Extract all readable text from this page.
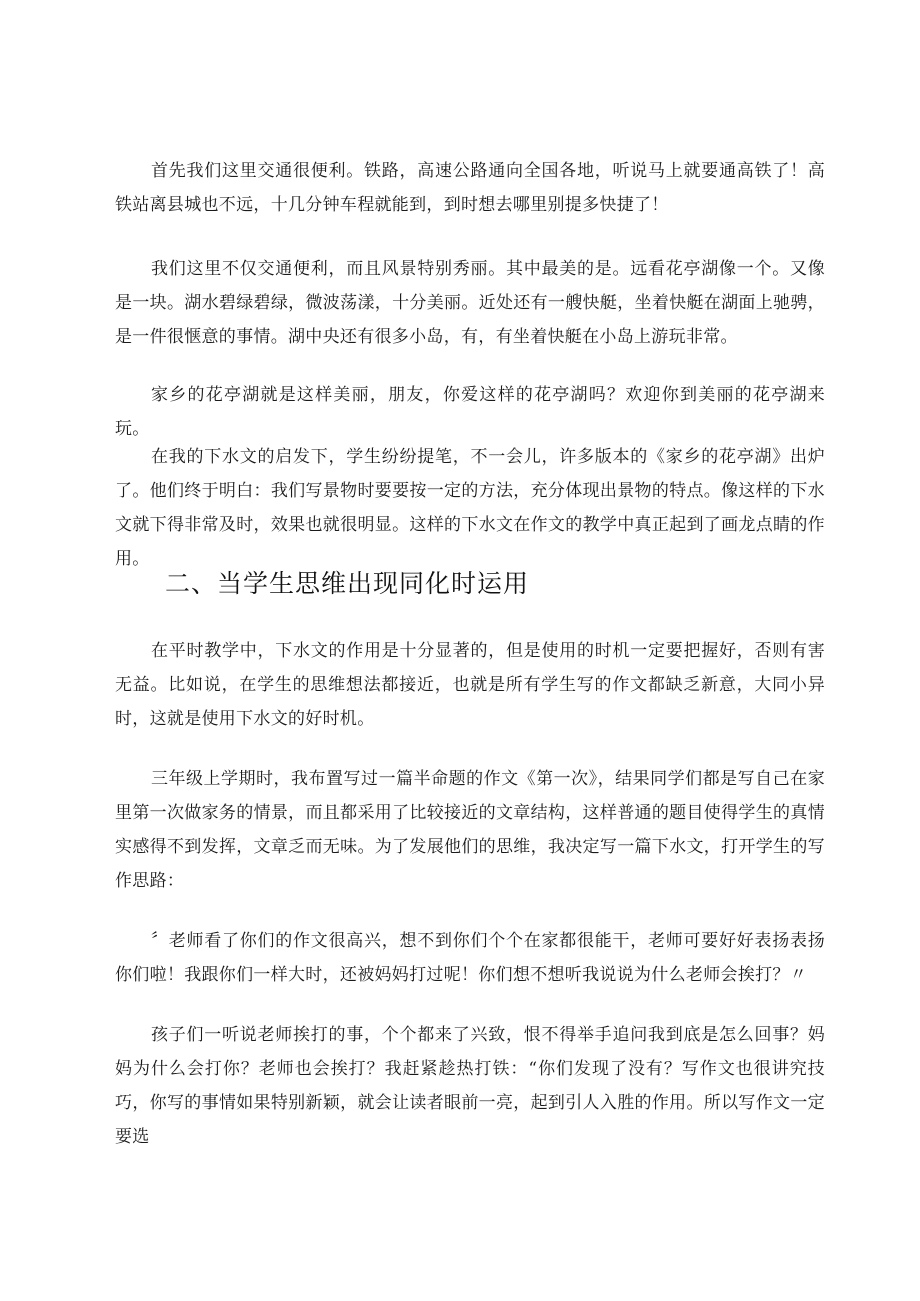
首先我们这里交通很便利。铁路，高速公路通向全国各地，听说马上就要通高铁了！高铁站离县城也不远，十几分钟车程就能到，到时想去哪里别提多快捷了！

我们这里不仅交通便利，而且风景特别秀丽。其中最美的是。远看花亭湖像一个。又像是一块。湖水碧绿碧绿，微波荡漾，十分美丽。近处还有一艘快艇，坐着快艇在湖面上驰骋，是一件很惬意的事情。湖中央还有很多小岛，有，有坐着快艇在小岛上游玩非常。

家乡的花亭湖就是这样美丽，朋友，你爱这样的花亭湖吗？欢迎你到美丽的花亭湖来玩。

在我的下水文的启发下，学生纷纷提笔，不一会儿，许多版本的《家乡的花亭湖》出炉了。他们终于明白：我们写景物时要要按一定的方法，充分体现出景物的特点。像这样的下水文就下得非常及时，效果也就很明显。这样的下水文在作文的教学中真正起到了画龙点睛的作用。

二、当学生思维出现同化时运用

在平时教学中，下水文的作用是十分显著的，但是使用的时机一定要把握好，否则有害无益。比如说，在学生的思维想法都接近，也就是所有学生写的作文都缺乏新意，大同小异时，这就是使用下水文的好时机。

三年级上学期时，我布置写过一篇半命题的作文《第一次》，结果同学们都是写自己在家里第一次做家务的情景，而且都采用了比较接近的文章结构，这样普通的题目使得学生的真情实感得不到发挥，文章乏而无味。为了发展他们的思维，我决定写一篇下水文，打开学生的写作思路：

〞老师看了你们的作文很高兴，想不到你们个个在家都很能干，老师可要好好表扬表扬你们啦！我跟你们一样大时，还被妈妈打过呢！你们想不想听我说说为什么老师会挨打？〃

孩子们一听说老师挨打的事，个个都来了兴致，恨不得举手追问我到底是怎么回事？妈妈为什么会打你？老师也会挨打？我赶紧趁热打铁：“你们发现了没有？写作文也很讲究技巧，你写的事情如果特别新颖，就会让读者眼前一亮，起到引人入胜的作用。所以写作文一定要选
